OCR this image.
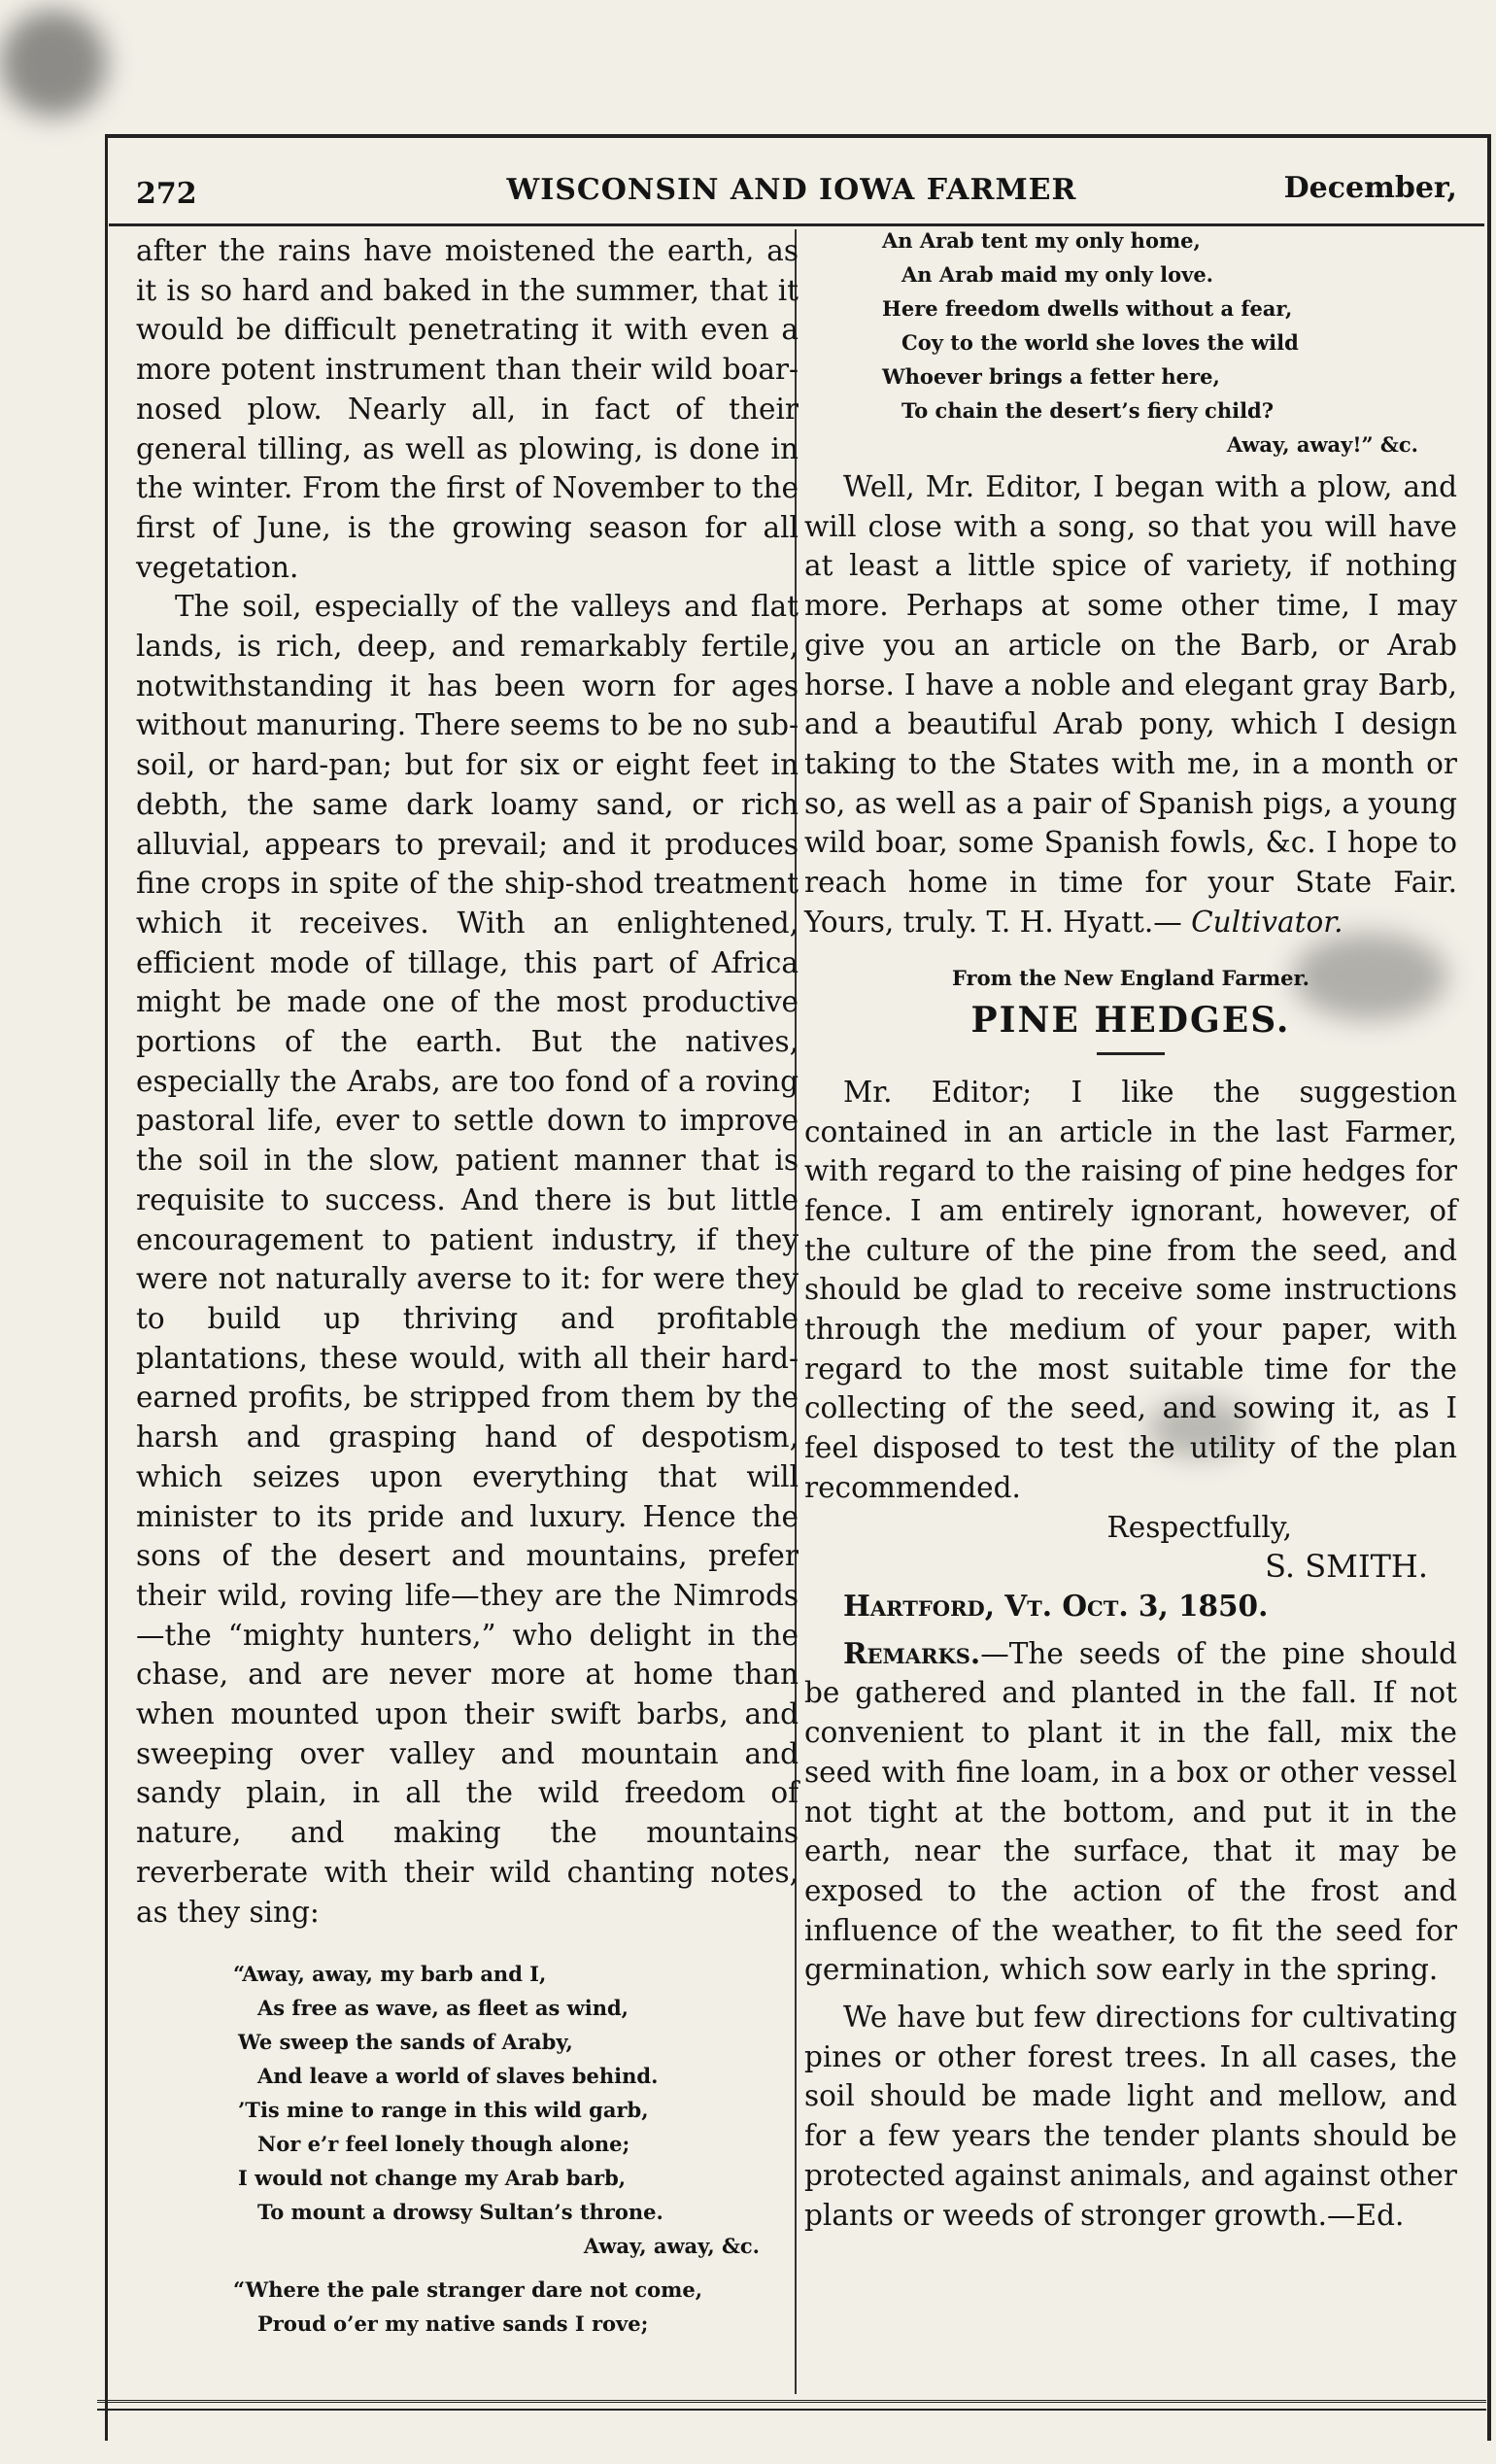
272	WISCONSIN AND IOWA FARMER	December,

after the rains have moistened the earth, as it is so hard and baked in the summer, that it would be difficult penetrating it with even a more potent instrument than their wild boar-nosed plow. Nearly all, in fact of their general tilling, as well as plowing, is done in the winter. From the first of November to the first of June, is the growing season for all vegetation.

The soil, especially of the valleys and flat lands, is rich, deep, and remarkably fertile, notwithstanding it has been worn for ages without manuring. There seems to be no sub-soil, or hard-pan; but for six or eight feet in debth, the same dark loamy sand, or rich alluvial, appears to prevail; and it produces fine crops in spite of the ship-shod treatment which it receives. With an enlightened, efficient mode of tillage, this part of Africa might be made one of the most productive portions of the earth. But the natives, especially the Arabs, are too fond of a roving pastoral life, ever to settle down to improve the soil in the slow, patient manner that is requisite to success. And there is but little encouragement to patient industry, if they were not naturally averse to it: for were they to build up thriving and profitable plantations, these would, with all their hard-earned profits, be stripped from them by the harsh and grasping hand of despotism, which seizes upon everything that will minister to its pride and luxury. Hence the sons of the desert and mountains, prefer their wild, roving life—they are the Nimrods—the “mighty hunters,” who delight in the chase, and are never more at home than when mounted upon their swift barbs, and sweeping over valley and mountain and sandy plain, in all the wild freedom of nature, and making the mountains reverberate with their wild chanting notes, as they sing:

“Away, away, my barb and I,
As free as wave, as fleet as wind,
We sweep the sands of Araby,
And leave a world of slaves behind.
’Tis mine to range in this wild garb,
Nor e’r feel lonely though alone;
I would not change my Arab barb,
To mount a drowsy Sultan’s throne.
Away, away, &c.
“Where the pale stranger dare not come,
Proud o’er my native sands I rove;
An Arab tent my only home,
An Arab maid my only love.
Here freedom dwells without a fear,
Coy to the world she loves the wild
Whoever brings a fetter here,
To chain the desert’s fiery child?
Away, away!” &c.

Well, Mr. Editor, I began with a plow, and will close with a song, so that you will have at least a little spice of variety, if nothing more. Perhaps at some other time, I may give you an article on the Barb, or Arab horse. I have a noble and elegant gray Barb, and a beautiful Arab pony, which I design taking to the States with me, in a month or so, as well as a pair of Spanish pigs, a young wild boar, some Spanish fowls, &c. I hope to reach home in time for your State Fair. Yours, truly. T. H. Hyatt.— Cultivator.

From the New England Farmer.
PINE HEDGES.

Mr. Editor; I like the suggestion contained in an article in the last Farmer, with regard to the raising of pine hedges for fence. I am entirely ignorant, however, of the culture of the pine from the seed, and should be glad to receive some instructions through the medium of your paper, with regard to the most suitable time for the collecting of the seed, and sowing it, as I feel disposed to test the utility of the plan recommended.

Respectfully,
S. SMITH.
Hartford, Vt. Oct. 3, 1850.

Remarks.—The seeds of the pine should be gathered and planted in the fall. If not convenient to plant it in the fall, mix the seed with fine loam, in a box or other vessel not tight at the bottom, and put it in the earth, near the surface, that it may be exposed to the action of the frost and influence of the weather, to fit the seed for germination, which sow early in the spring.

We have but few directions for cultivating pines or other forest trees. In all cases, the soil should be made light and mellow, and for a few years the tender plants should be protected against animals, and against other plants or weeds of stronger growth.—Ed.
